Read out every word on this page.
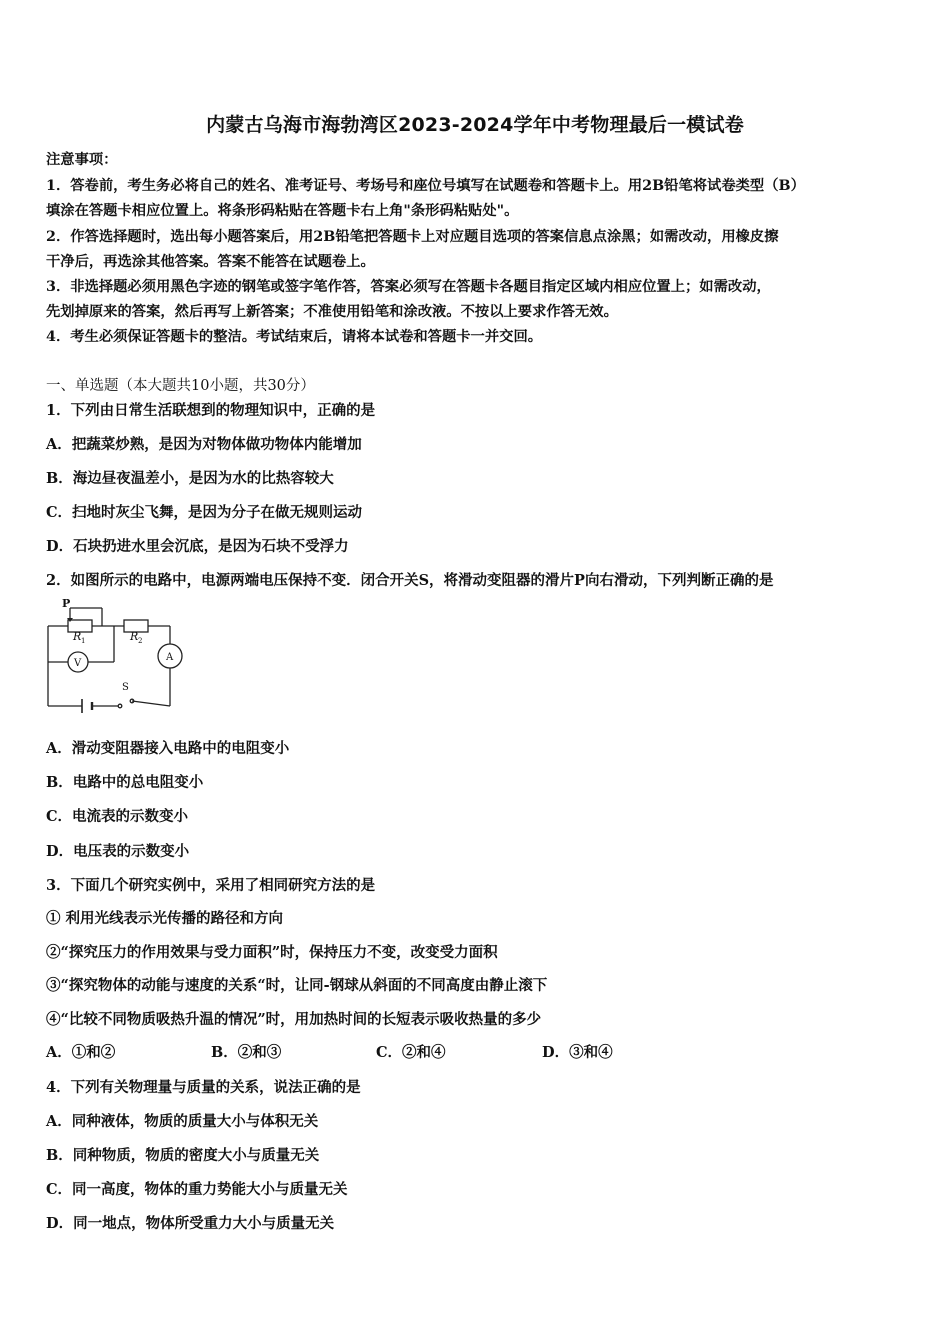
内蒙古乌海市海勃湾区2023-2024学年中考物理最后一模试卷
注意事项：
1．答卷前，考生务必将自己的姓名、准考证号、考场号和座位号填写在试题卷和答题卡上。用2B铅笔将试卷类型（B）
填涂在答题卡相应位置上。将条形码粘贴在答题卡右上角"条形码粘贴处"。
2．作答选择题时，选出每小题答案后，用2B铅笔把答题卡上对应题目选项的答案信息点涂黑；如需改动，用橡皮擦
干净后，再选涂其他答案。答案不能答在试题卷上。
3．非选择题必须用黑色字迹的钢笔或签字笔作答，答案必须写在答题卡各题目指定区域内相应位置上；如需改动，
先划掉原来的答案，然后再写上新答案；不准使用铅笔和涂改液。不按以上要求作答无效。
4．考生必须保证答题卡的整洁。考试结束后，请将本试卷和答题卡一并交回。
一、单选题（本大题共10小题，共30分）
1．下列由日常生活联想到的物理知识中，正确的是
A．把蔬菜炒熟，是因为对物体做功物体内能增加
B．海边昼夜温差小，是因为水的比热容较大
C．扫地时灰尘飞舞，是因为分子在做无规则运动
D．石块扔进水里会沉底，是因为石块不受浮力
2．如图所示的电路中，电源两端电压保持不变．闭合开关S，将滑动变阻器的滑片P向右滑动，下列判断正确的是
P
R 1	R 2
V
A
S
A．滑动变阻器接入电路中的电阻变小
B．电路中的总电阻变小
C．电流表的示数变小
D．电压表的示数变小
3．下面几个研究实例中，采用了相同研究方法的是
① 利用光线表示光传播的路径和方向
②“探究压力的作用效果与受力面积”时，保持压力不变，改变受力面积
③“探究物体的动能与速度的关系“时，让同-钢球从斜面的不同高度由静止滚下
④“比较不同物质吸热升温的情况”时，用加热时间的长短表示吸收热量的多少
A．①和②	B．②和③	C．②和④	D．③和④
4．下列有关物理量与质量的关系，说法正确的是
A．同种液体，物质的质量大小与体积无关
B．同种物质，物质的密度大小与质量无关
C．同一高度，物体的重力势能大小与质量无关
D．同一地点，物体所受重力大小与质量无关
